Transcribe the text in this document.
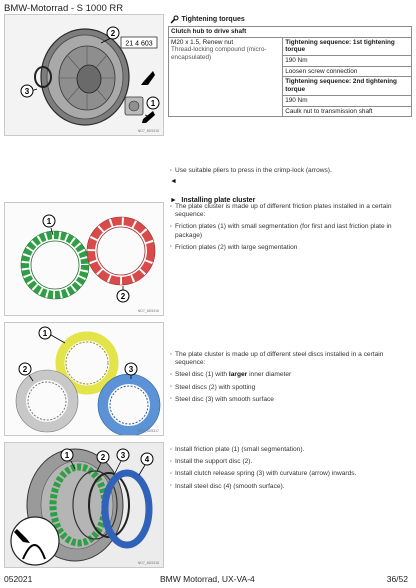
BMW-Motorrad - S 1000 RR
21 4 603
1
2
3
ND7_6D5315
Tightening torques

Clutch hub to drive shaft

M20 x 1.5, Renew nut
Thread-locking compound (micro-encapsulated)
	Tightening sequence: 1st tightening torque
190 Nm
Loosen screw connection
Tightening sequence: 2nd tightening torque
190 Nm
Caulk nut to transmission shaft
· Use suitable pliers to press in the crimp-lock (arrows).
◄
► Installing plate cluster
1
2
ND7_6D5316
· The plate cluster is made up of different friction plates installed in a certain sequence:
· Friction plates (1) with small segmentation (for first and last friction plate in package)
· Friction plates (2) with large segmentation
1
2	3
ND7_6D5317
· The plate cluster is made up of different steel discs installed in a certain sequence:
· Steel disc (1) with larger inner diameter
· Steel discs (2) with spotting
· Steel disc (3) with smooth surface
1	2 3 4
ND7_6D5318
· Install friction plate (1) (small segmentation).
· Install the support disc (2).
· Install clutch release spring (3) with curvature (arrow) inwards.
· Install steel disc (4) (smooth surface).
052021	BMW Motorrad, UX-VA-4	36/52
